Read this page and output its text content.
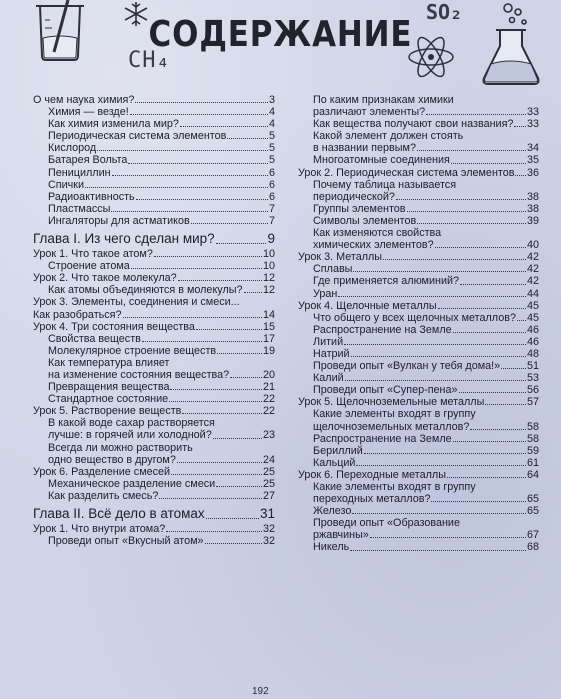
СОДЕРЖАНИЕ
CH₄
SO₂
О чем наука химия?	3
Химия — везде!	4
Как химия изменила мир?	4
Периодическая система элементов	5
Кислород	5
Батарея Вольта	5
Пенициллин	6
Спички	6
Радиоактивность	6
Пластмассы	7
Ингаляторы для астматиков	7
Глава I. Из чего сделан мир?	9
Урок 1. Что такое атом?	10
Строение атома	10
Урок 2. Что такое молекула?	12
Как атомы объединяются в молекулы? 12
Урок 3. Элементы, соединения и смеси...
Как разобраться?	14
Урок 4. Три состояния вещества	15
Свойства веществ	17
Молекулярное строение веществ	19
Как температура влияет
на изменение состояния вещества?	20
Превращения вещества	21
Стандартное состояние	22
Урок 5. Растворение веществ	22
В какой воде сахар растворяется
лучше: в горячей или холодной?	23
Всегда ли можно растворить
одно вещество в другом?	24
Урок 6. Разделение смесей	25
Механическое разделение смеси	25
Как разделить смесь?	27
Глава II. Всё дело в атомах	31
Урок 1. Что внутри атома?	32
Проведи опыт «Вкусный атом»	32
По каким признакам химики
различают элементы?	33
Как вещества получают свои названия? 33
Какой элемент должен стоять
в названии первым?	34
Многоатомные соединения	35
Урок 2. Периодическая система элементов 36
Почему таблица называется
периодической?	38
Группы элементов	38
Символы элементов	39
Как изменяются свойства
химических элементов?	40
Урок 3. Металлы	42
Сплавы	42
Где применяется алюминий?	42
Уран	44
Урок 4. Щелочные металлы	45
Что общего у всех щелочных металлов? 45
Распространение на Земле	46
Литий	46
Натрий	48
Проведи опыт «Вулкан у тебя дома!» 51
Калий	53
Проведи опыт «Супер-пена»	56
Урок 5. Щелочноземельные металлы	57
Какие элементы входят в группу
щелочноземельных металлов?	58
Распространение на Земле	58
Бериллий	59
Кальций	61
Урок 6. Переходные металлы	64
Какие элементы входят в группу
переходных металлов?	65
Железо	65
Проведи опыт «Образование
ржавчины»	67
Никель	68
192
